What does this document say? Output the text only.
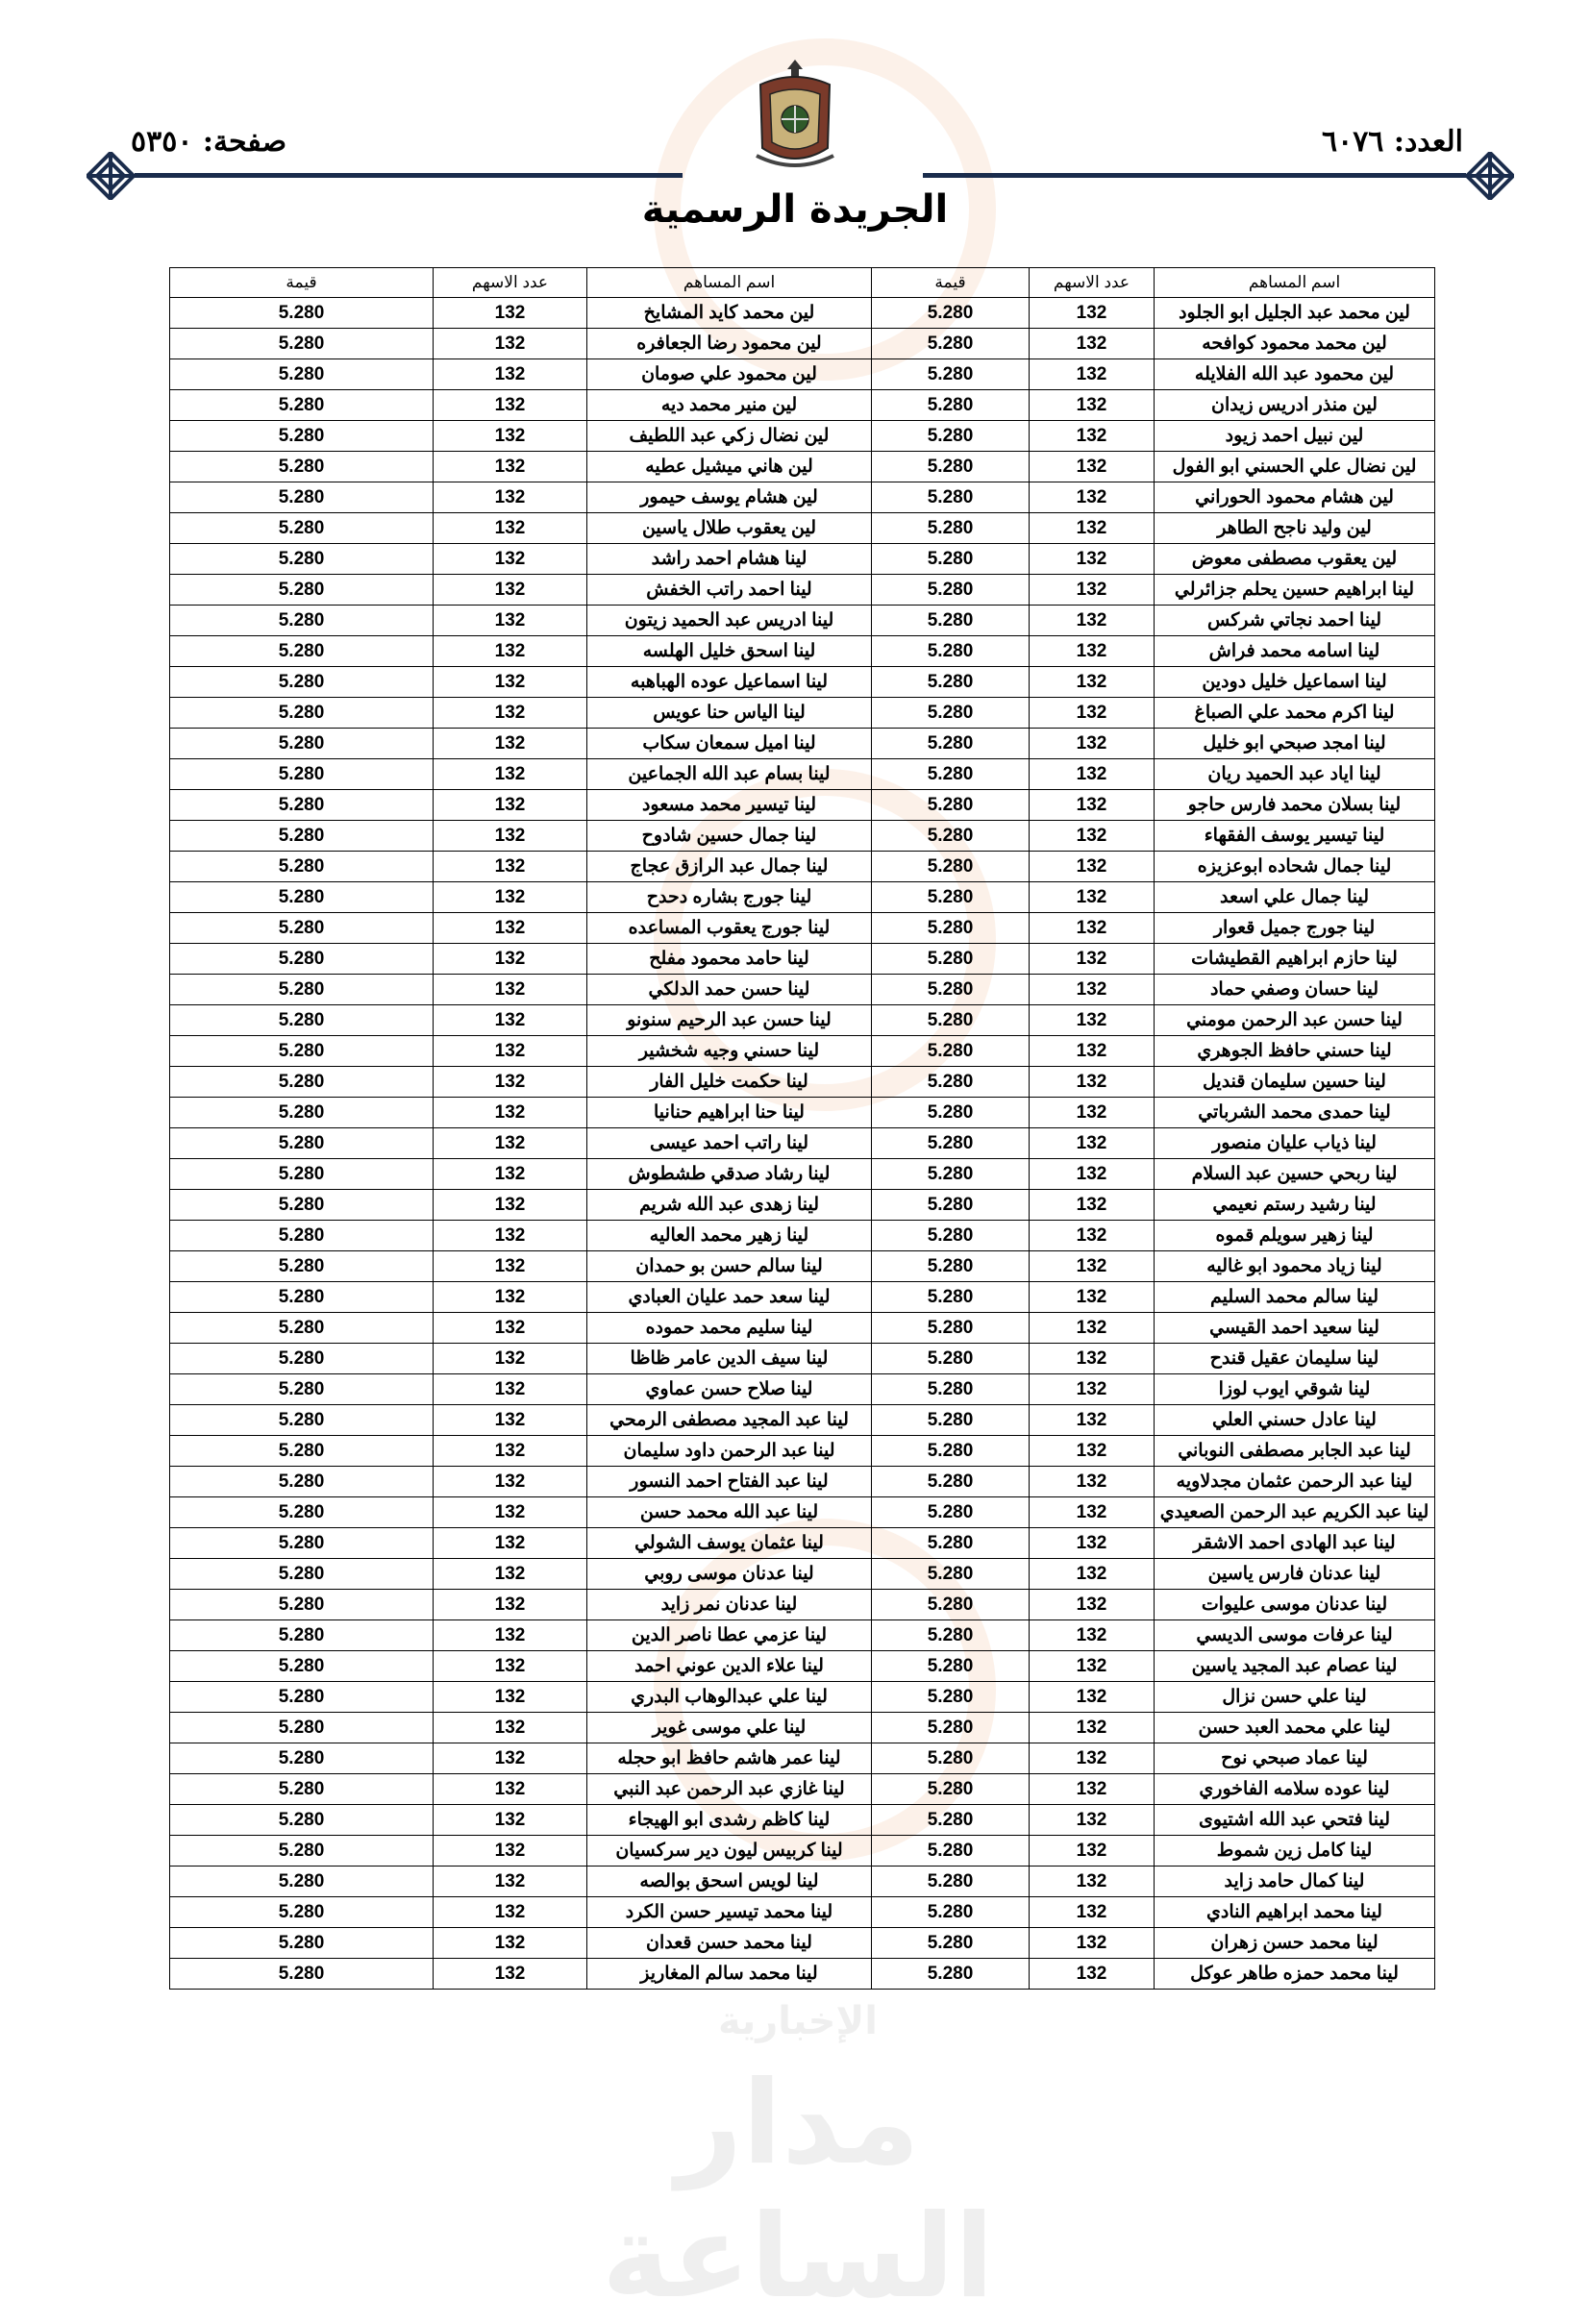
مدار الساعة
الإخبارية
العدد: ٦٠٧٦
صفحة: ٥٣٥٠
الجريدة الرسمية
اسم المساهم	عدد الاسهم	قيمة	اسم المساهم	عدد الاسهم	قيمة
لين محمد عبد الجليل ابو الجلود	132	5.280	لين محمد كايد المشايخ	132	5.280
لين محمد محمود كوافحه	132	5.280	لين محمود رضا الجعافره	132	5.280
لين محمود عبد الله الفلايله	132	5.280	لين محمود علي صومان	132	5.280
لين منذر ادريس زيدان	132	5.280	لين منير محمد ديه	132	5.280
لين نبيل احمد زيود	132	5.280	لين نضال زكي عبد اللطيف	132	5.280
لين نضال علي الحسني ابو الفول	132	5.280	لين هاني ميشيل عطيه	132	5.280
لين هشام محمود الحوراني	132	5.280	لين هشام يوسف حيمور	132	5.280
لين وليد ناجح الطاهر	132	5.280	لين يعقوب طلال ياسين	132	5.280
لين يعقوب مصطفى معوض	132	5.280	لينا هشام احمد راشد	132	5.280
لينا ابراهيم حسين يحلم جزائرلي	132	5.280	لينا احمد راتب الخفش	132	5.280
لينا احمد نجاتي شركس	132	5.280	لينا ادريس عبد الحميد زيتون	132	5.280
لينا اسامه محمد فراش	132	5.280	لينا اسحق خليل الهلسه	132	5.280
لينا اسماعيل خليل دودين	132	5.280	لينا اسماعيل عوده الهباهبه	132	5.280
لينا اكرم محمد علي الصباغ	132	5.280	لينا الياس حنا عويس	132	5.280
لينا امجد صبحي ابو خليل	132	5.280	لينا اميل سمعان سكاب	132	5.280
لينا اياد عبد الحميد ريان	132	5.280	لينا بسام عبد الله الجماعين	132	5.280
لينا بسلان محمد فارس حاجو	132	5.280	لينا تيسير محمد مسعود	132	5.280
لينا تيسير يوسف الفقهاء	132	5.280	لينا جمال حسين شادوح	132	5.280
لينا جمال شحاده ابوعزيزه	132	5.280	لينا جمال عبد الرازق عجاج	132	5.280
لينا جمال علي اسعد	132	5.280	لينا جورج بشاره دحدح	132	5.280
لينا جورج جميل قعوار	132	5.280	لينا جورج يعقوب المساعده	132	5.280
لينا حازم ابراهيم القطيشات	132	5.280	لينا حامد محمود مفلح	132	5.280
لينا حسان وصفي حماد	132	5.280	لينا حسن حمد الدلكي	132	5.280
لينا حسن عبد الرحمن مومني	132	5.280	لينا حسن عبد الرحيم سنونو	132	5.280
لينا حسني حافظ الجوهري	132	5.280	لينا حسني وجيه شخشير	132	5.280
لينا حسين سليمان قنديل	132	5.280	لينا حكمت خليل الفار	132	5.280
لينا حمدى محمد الشرباتي	132	5.280	لينا حنا ابراهيم حنانيا	132	5.280
لينا ذياب عليان منصور	132	5.280	لينا راتب احمد عيسى	132	5.280
لينا ربحي حسين عبد السلام	132	5.280	لينا رشاد صدقي طشطوش	132	5.280
لينا رشيد رستم نعيمي	132	5.280	لينا زهدى عبد الله شريم	132	5.280
لينا زهير سويلم قموه	132	5.280	لينا زهير محمد العاليه	132	5.280
لينا زياد محمود ابو غاليه	132	5.280	لينا سالم حسن بو حمدان	132	5.280
لينا سالم محمد السليم	132	5.280	لينا سعد حمد عليان العبادي	132	5.280
لينا سعيد احمد القيسي	132	5.280	لينا سليم محمد حموده	132	5.280
لينا سليمان عقيل قندح	132	5.280	لينا سيف الدين عامر ظاظا	132	5.280
لينا شوقي ايوب لوزا	132	5.280	لينا صلاح حسن عماوي	132	5.280
لينا عادل حسني العلي	132	5.280	لينا عبد المجيد مصطفى الرمحي	132	5.280
لينا عبد الجابر مصطفى النوباني	132	5.280	لينا عبد الرحمن داود سليمان	132	5.280
لينا عبد الرحمن عثمان مجدلاويه	132	5.280	لينا عبد الفتاح احمد النسور	132	5.280
لينا عبد الكريم عبد الرحمن الصعيدي	132	5.280	لينا عبد الله محمد حسن	132	5.280
لينا عبد الهادى احمد الاشقر	132	5.280	لينا عثمان يوسف الشولي	132	5.280
لينا عدنان فارس ياسين	132	5.280	لينا عدنان موسى روبي	132	5.280
لينا عدنان موسى عليوات	132	5.280	لينا عدنان نمر زايد	132	5.280
لينا عرفات موسى الديسي	132	5.280	لينا عزمي عطا ناصر الدين	132	5.280
لينا عصام عبد المجيد ياسين	132	5.280	لينا علاء الدين عوني احمد	132	5.280
لينا علي حسن نزال	132	5.280	لينا علي عبدالوهاب البدري	132	5.280
لينا علي محمد العبد حسن	132	5.280	لينا علي موسى غوير	132	5.280
لينا عماد صبحي نوح	132	5.280	لينا عمر هاشم حافظ ابو حجله	132	5.280
لينا عوده سلامه الفاخوري	132	5.280	لينا غازي عبد الرحمن عبد النبي	132	5.280
لينا فتحي عبد الله اشتيوى	132	5.280	لينا كاظم رشدى ابو الهيجاء	132	5.280
لينا كامل زين شموط	132	5.280	لينا كربيس ليون دير سركسيان	132	5.280
لينا كمال حامد زايد	132	5.280	لينا لويس اسحق بوالصه	132	5.280
لينا محمد ابراهيم النادي	132	5.280	لينا محمد تيسير حسن الكرد	132	5.280
لينا محمد حسن زهران	132	5.280	لينا محمد حسن قعدان	132	5.280
لينا محمد حمزه طاهر عوكل	132	5.280	لينا محمد سالم المغاريز	132	5.280
